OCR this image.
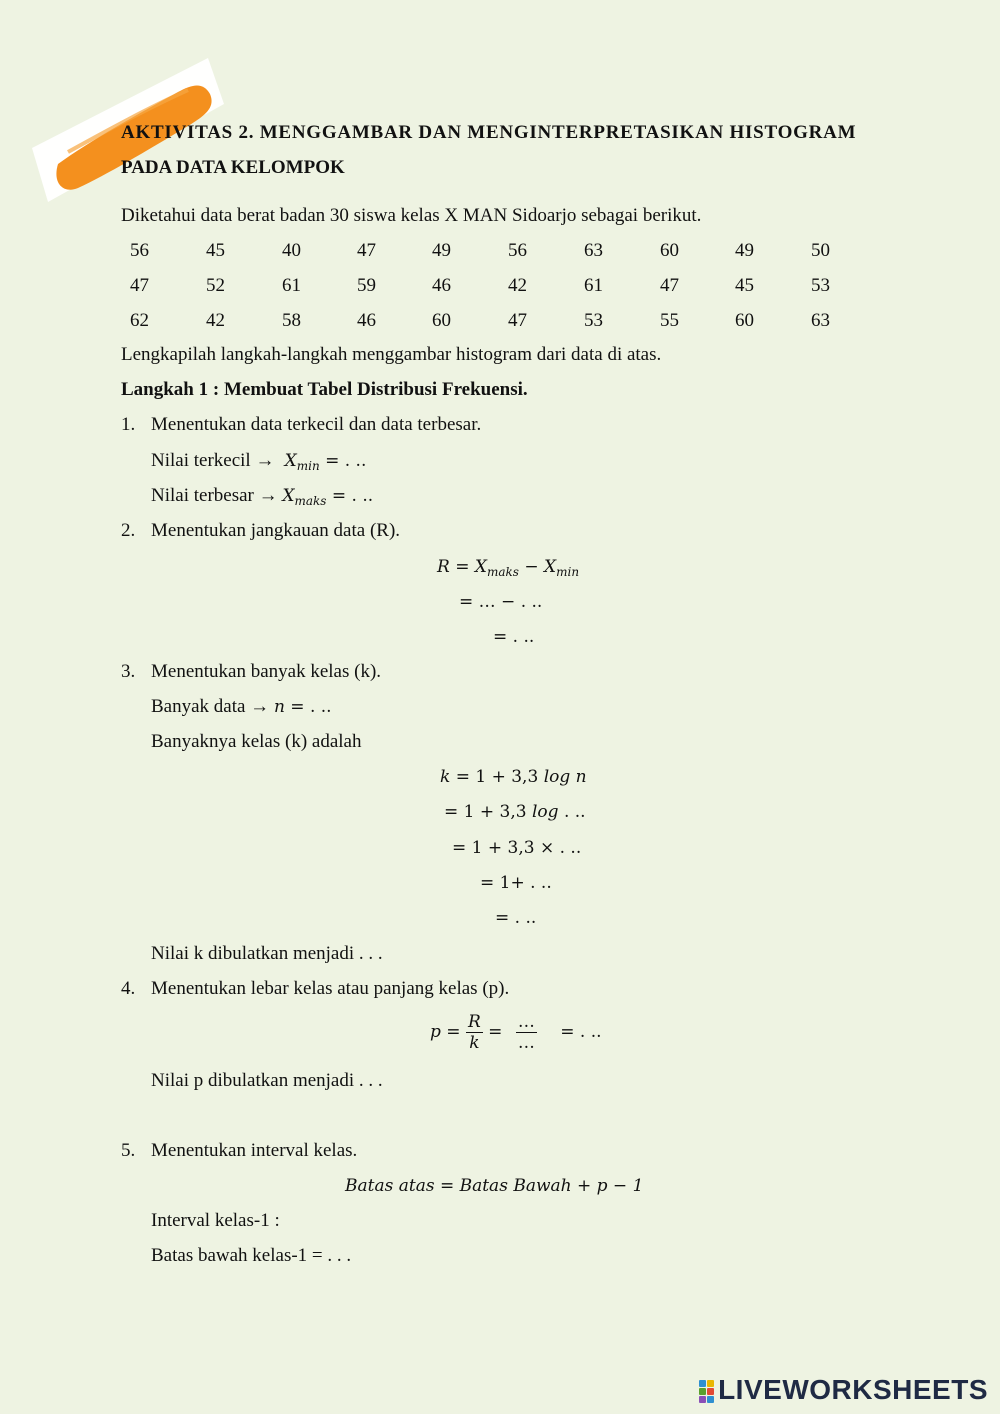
AKTIVITAS 2. MENGGAMBAR DAN MENGINTERPRETASIKAN HISTOGRAM
PADA DATA KELOMPOK
Diketahui data berat badan 30 siswa kelas X MAN Sidoarjo sebagai berikut.
56	45	40	47	49	56	63	60	49	50
47	52	61	59	46	42	61	47	45	53
62	42	58	46	60	47	53	55	60	63
Lengkapilah langkah-langkah menggambar histogram dari data di atas.
Langkah 1 : Membuat Tabel Distribusi Frekuensi.
1. Menentukan data terkecil dan data terbesar.
Nilai terkecil → $X_{min}$ = . ..
Nilai terbesar → $X_{maks}$ = . ..
2. Menentukan jangkauan data (R).
$R = X_{maks} - X_{min}$
= … − . ..
= . ..
3. Menentukan banyak kelas (k).
Banyak data → n = . ..
Banyaknya kelas (k) adalah
k = 1 + 3,3 log n
= 1 + 3,3 log . ..
= 1 + 3,3 × . ..
= 1+ . ..
= . ..
Nilai k dibulatkan menjadi . . .
4. Menentukan lebar kelas atau panjang kelas (p).
$p = \frac{R}{k} = \frac{\dots}{\dots}$ = . ..
Nilai p dibulatkan menjadi . . .
5. Menentukan interval kelas.
Batas atas = Batas Bawah + p − 1
Interval kelas-1 :
Batas bawah kelas-1 = . . .
LIVEWORKSHEETS
